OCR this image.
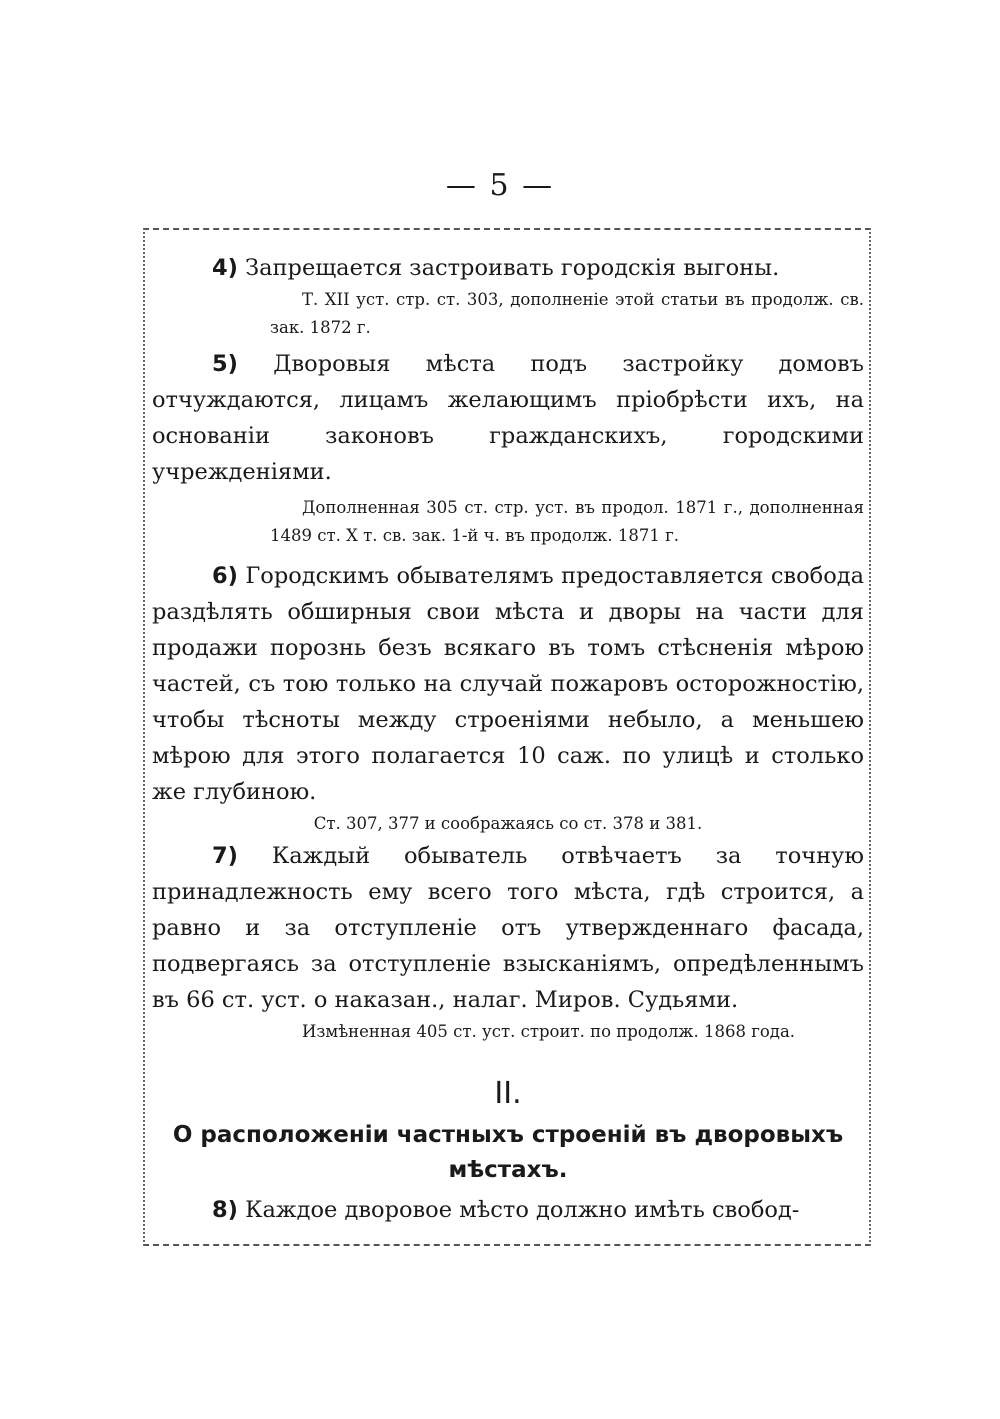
— 5 —

4) Запрещается застроивать городскія выгоны.

Т. XII уст. стр. ст. 303, дополненіе этой статьи въ продолж. св. зак. 1872 г.

5) Дворовыя мѣста подъ застройку домовъ отчуждаются, лицамъ желающимъ пріобрѣсти ихъ, на основаніи законовъ гражданскихъ, городскими учрежденіями.

Дополненная 305 ст. стр. уст. въ продол. 1871 г., дополненная 1489 ст. X т. св. зак. 1-й ч. въ продолж. 1871 г.

6) Городскимъ обывателямъ предоставляется свобода раздѣлять обширныя свои мѣста и дворы на части для продажи порознь безъ всякаго въ томъ стѣсненія мѣрою частей, съ тою только на случай пожаровъ осторожностію, чтобы тѣсноты между строеніями небыло, а меньшею мѣрою для этого полагается 10 саж. по улицѣ и столько же глубиною.

Ст. 307, 377 и соображаясь со ст. 378 и 381.

7) Каждый обыватель отвѣчаетъ за точную принадлежность ему всего того мѣста, гдѣ строится, а равно и за отступленіе отъ утвержденнаго фасада, подвергаясь за отступленіе взысканіямъ, опредѣленнымъ въ 66 ст. уст. о наказан., налаг. Миров. Судьями.

Измѣненная 405 ст. уст. строит. по продолж. 1868 года.

II.
О расположеніи частныхъ строеній въ дворовыхъ мѣстахъ.

8) Каждое дворовое мѣсто должно имѣть свобод-
